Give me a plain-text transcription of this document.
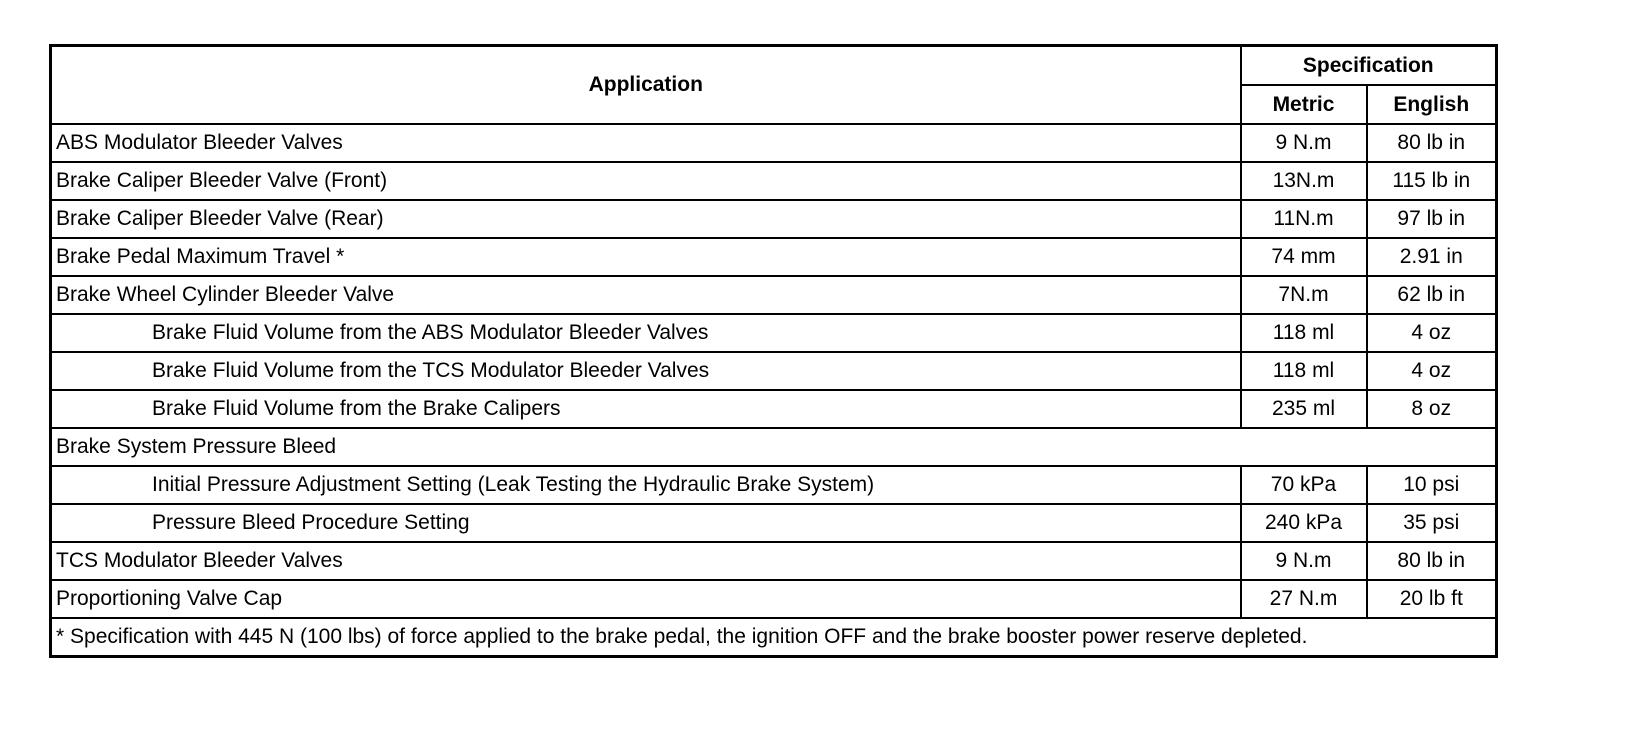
Application	Specification	
	Metric	English
ABS Modulator Bleeder Valves	9 N.m	80 lb in
Brake Caliper Bleeder Valve (Front)	13N.m	115 lb in
Brake Caliper Bleeder Valve (Rear)	11N.m	97 lb in
Brake Pedal Maximum Travel *	74 mm	2.91 in
Brake Wheel Cylinder Bleeder Valve	7N.m	62 lb in
Brake Fluid Volume from the ABS Modulator Bleeder Valves	118 ml	4 oz
Brake Fluid Volume from the TCS Modulator Bleeder Valves	118 ml	4 oz
Brake Fluid Volume from the Brake Calipers	235 ml	8 oz
Brake System Pressure Bleed		
Initial Pressure Adjustment Setting (Leak Testing the Hydraulic Brake System)	70 kPa	10 psi
Pressure Bleed Procedure Setting	240 kPa	35 psi
TCS Modulator Bleeder Valves	9 N.m	80 lb in
Proportioning Valve Cap	27 N.m	20 lb ft
* Specification with 445 N (100 lbs) of force applied to the brake pedal, the ignition OFF and the brake booster power reserve depleted.		
